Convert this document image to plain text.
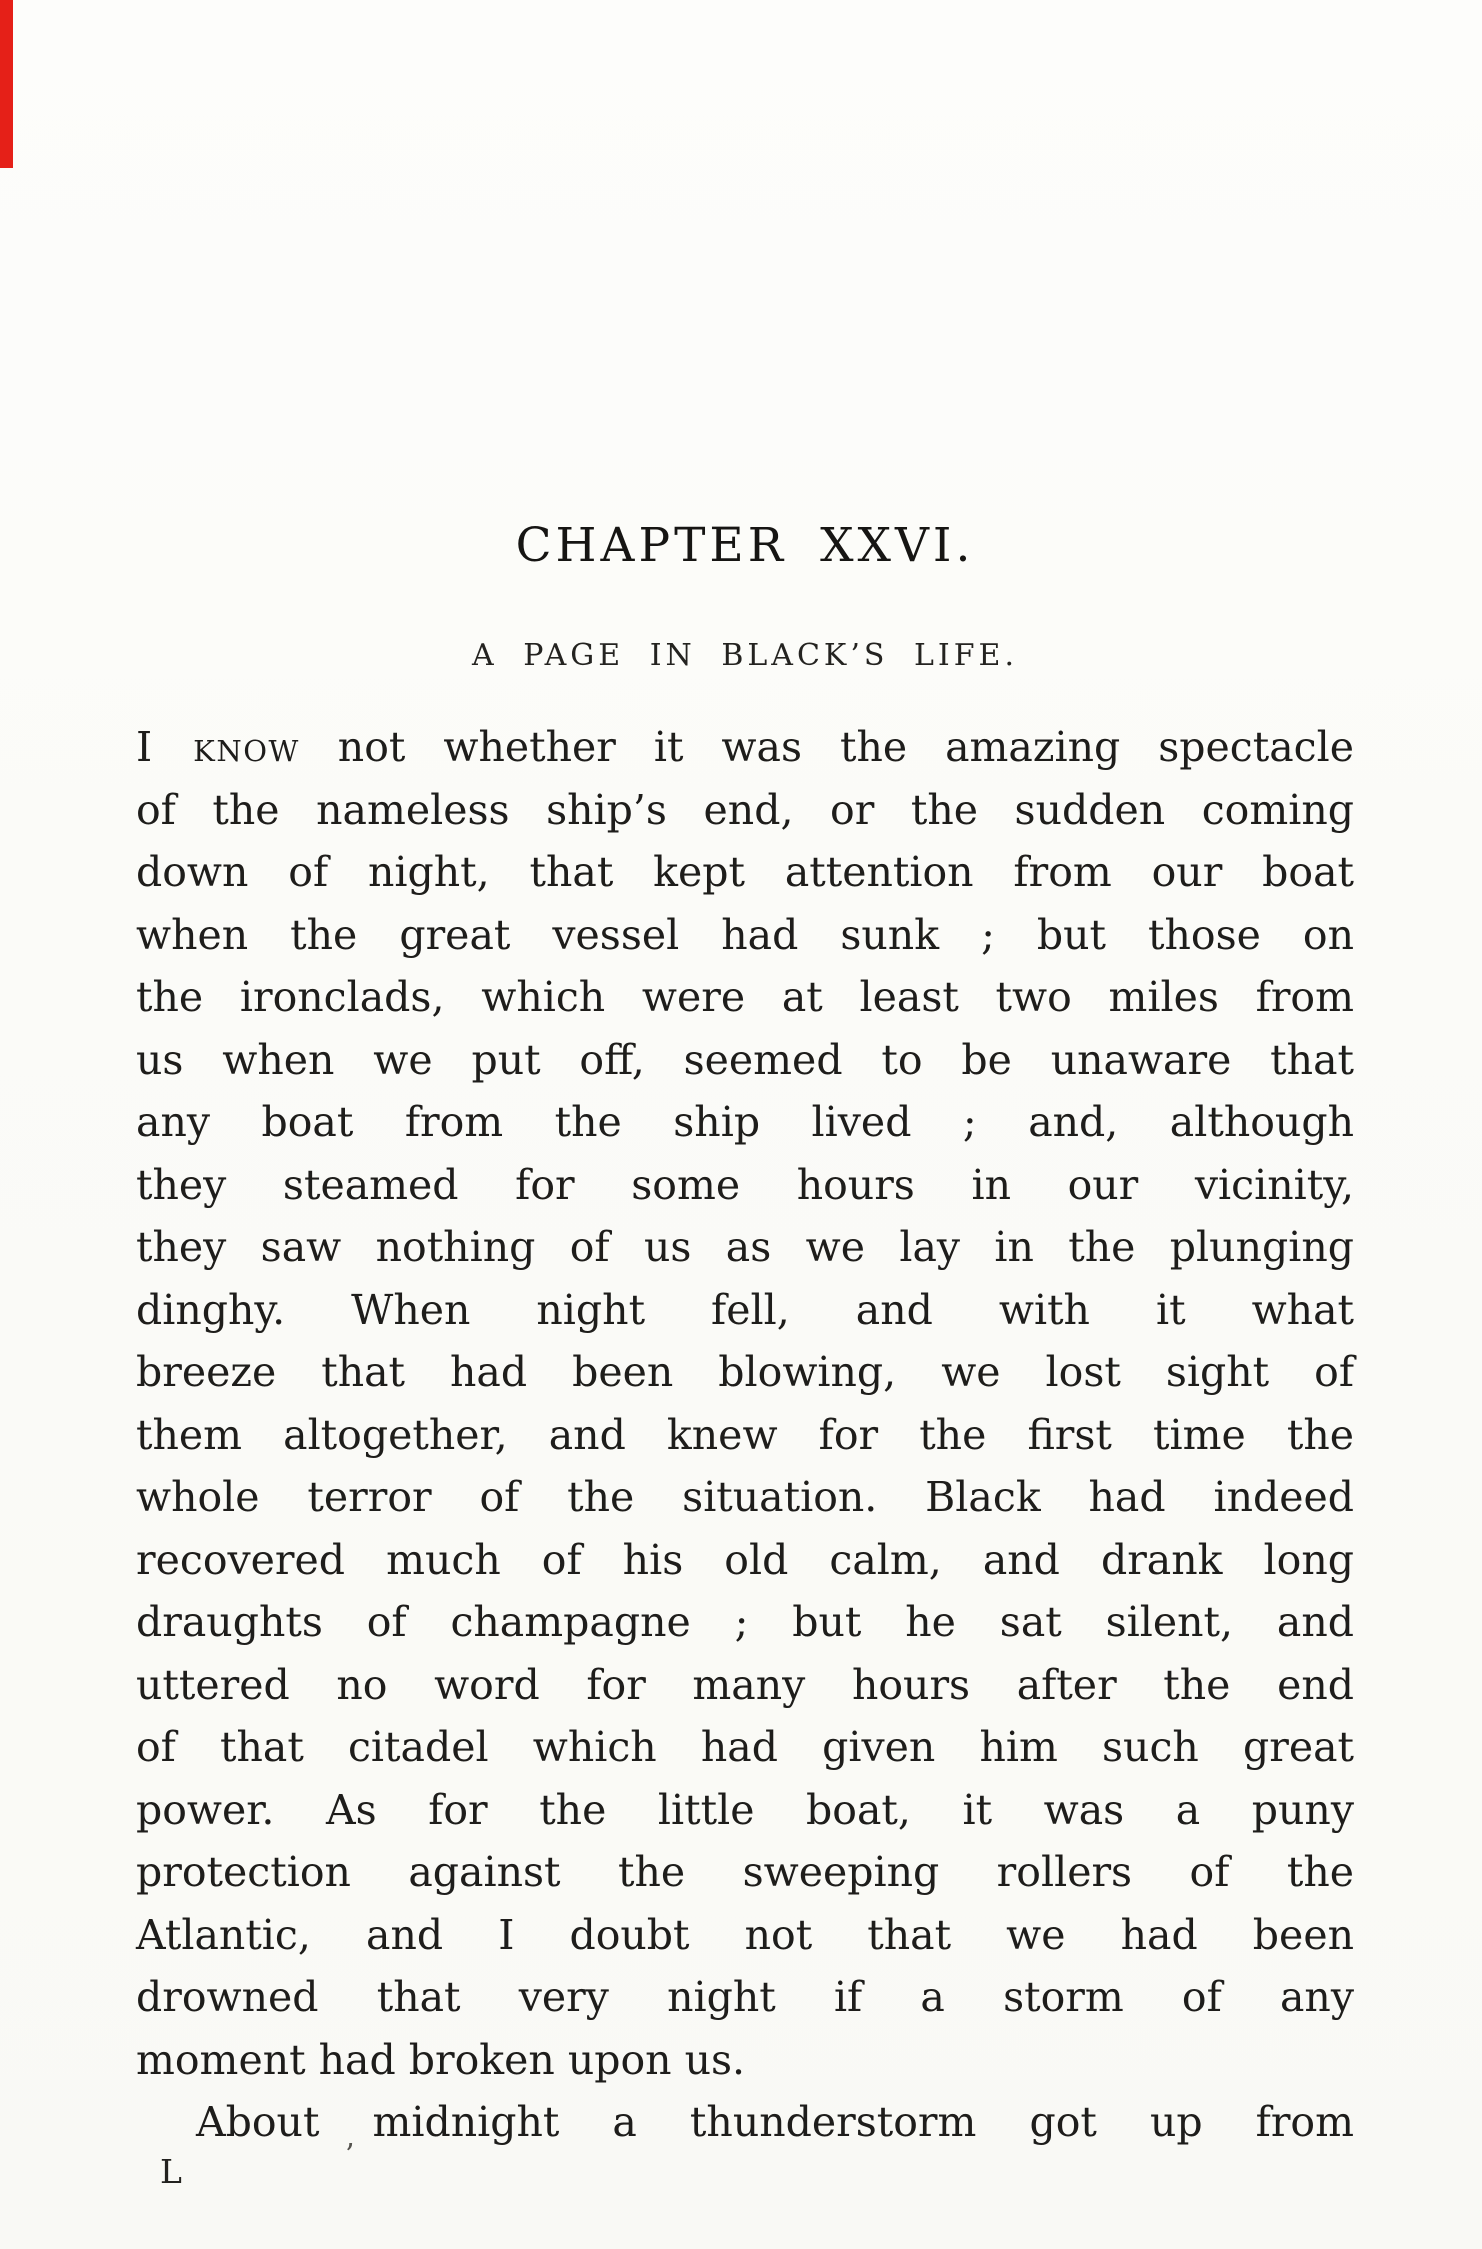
CHAPTER XXVI.
A PAGE IN BLACK’S LIFE.
I know not whether it was the amazing spectacle
of the nameless ship’s end, or the sudden coming
down of night, that kept attention from our boat
when the great vessel had sunk ; but those on
the ironclads, which were at least two miles from
us when we put off, seemed to be unaware that
any boat from the ship lived ; and, although
they steamed for some hours in our vicinity,
they saw nothing of us as we lay in the plunging
dinghy. When night fell, and with it what
breeze that had been blowing, we lost sight of
them altogether, and knew for the first time the
whole terror of the situation. Black had indeed
recovered much of his old calm, and drank long
draughts of champagne ; but he sat silent, and
uttered no word for many hours after the end
of that citadel which had given him such great
power. As for the little boat, it was a puny
protection against the sweeping rollers of the
Atlantic, and I doubt not that we had been
drowned that very night if a storm of any
moment had broken upon us.
About midnight a thunderstorm got up from
L	’
